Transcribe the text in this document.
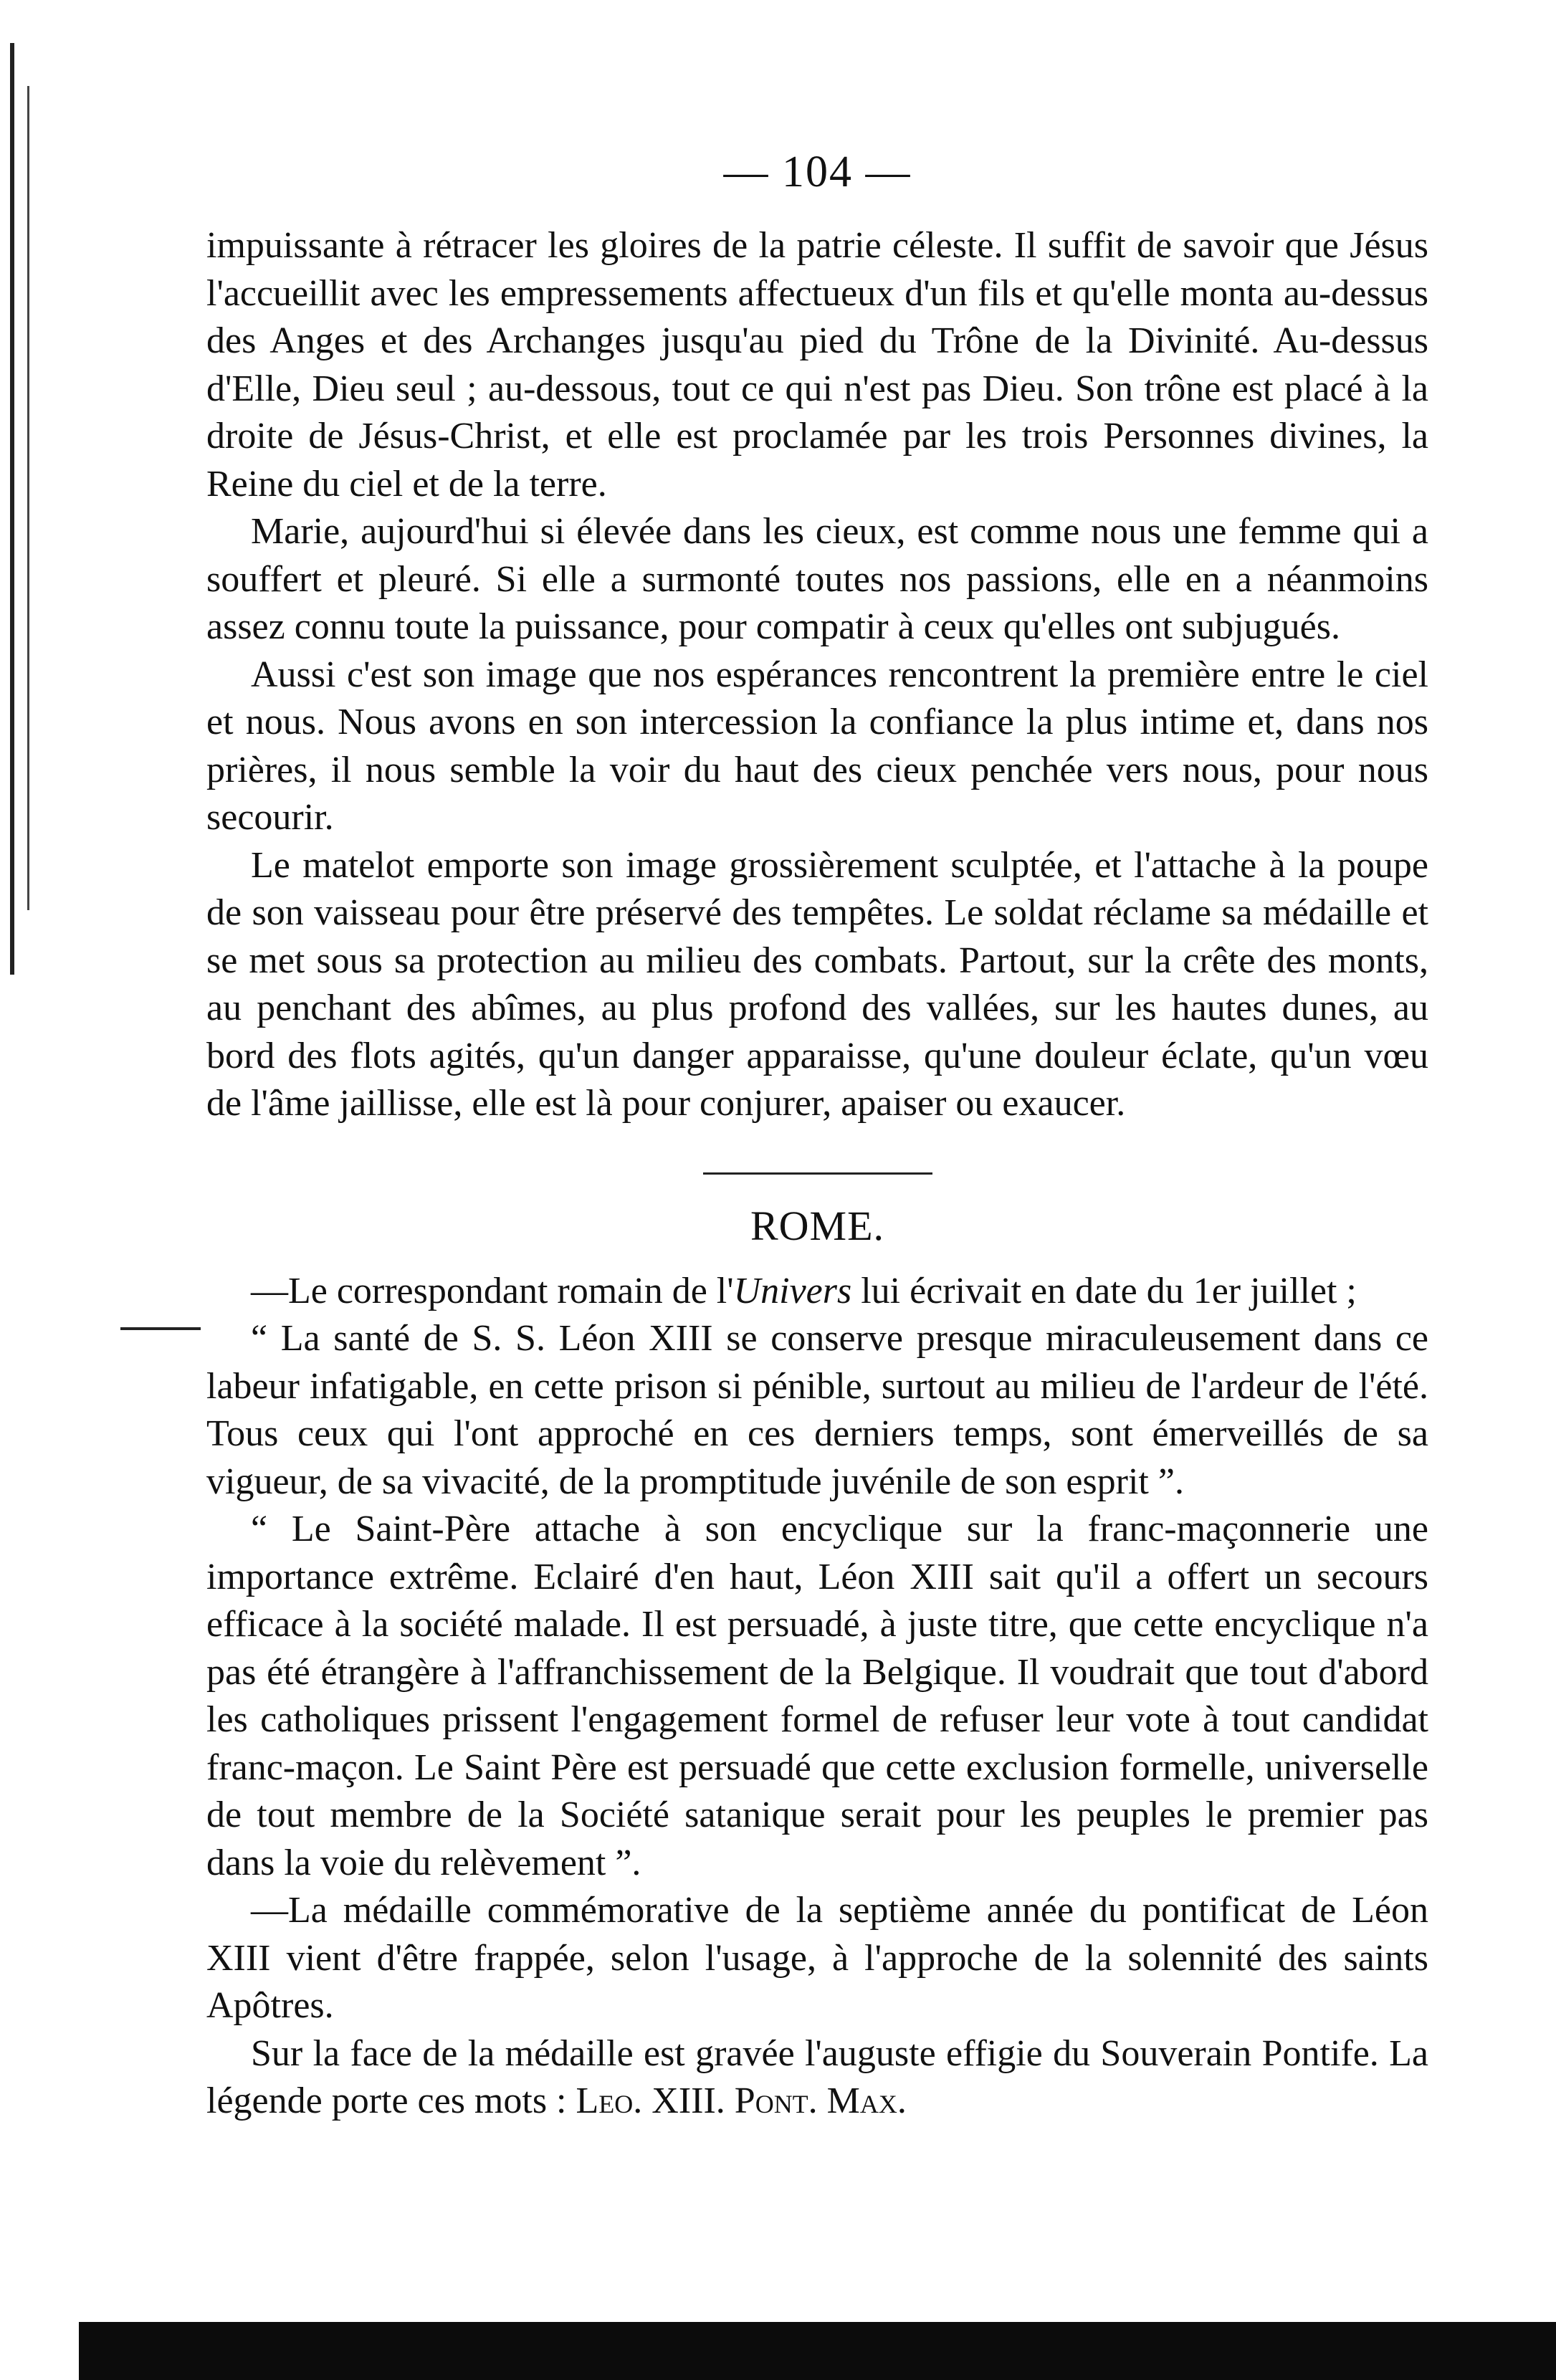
— 104 —

impuissante à rétracer les gloires de la patrie céleste. Il suffit de savoir que Jésus l'accueillit avec les empressements affectueux d'un fils et qu'elle monta au-dessus des Anges et des Archanges jusqu'au pied du Trône de la Divinité. Au-dessus d'Elle, Dieu seul ; au-dessous, tout ce qui n'est pas Dieu. Son trône est placé à la droite de Jésus-Christ, et elle est proclamée par les trois Personnes divines, la Reine du ciel et de la terre.

Marie, aujourd'hui si élevée dans les cieux, est comme nous une femme qui a souffert et pleuré. Si elle a surmonté toutes nos passions, elle en a néanmoins assez connu toute la puissance, pour compatir à ceux qu'elles ont subjugués.

Aussi c'est son image que nos espérances rencontrent la première entre le ciel et nous. Nous avons en son intercession la confiance la plus intime et, dans nos prières, il nous semble la voir du haut des cieux penchée vers nous, pour nous secourir.

Le matelot emporte son image grossièrement sculptée, et l'attache à la poupe de son vaisseau pour être préservé des tempêtes. Le soldat réclame sa médaille et se met sous sa protection au milieu des combats. Partout, sur la crête des monts, au penchant des abîmes, au plus profond des vallées, sur les hautes dunes, au bord des flots agités, qu'un danger apparaisse, qu'une douleur éclate, qu'un vœu de l'âme jaillisse, elle est là pour conjurer, apaiser ou exaucer.

ROME.

—Le correspondant romain de l'Univers lui écrivait en date du 1er juillet ;

“ La santé de S. S. Léon XIII se conserve presque miraculeusement dans ce labeur infatigable, en cette prison si pénible, surtout au milieu de l'ardeur de l'été. Tous ceux qui l'ont approché en ces derniers temps, sont émerveillés de sa vigueur, de sa vivacité, de la promptitude juvénile de son esprit ”.

“ Le Saint-Père attache à son encyclique sur la franc-maçonnerie une importance extrême. Eclairé d'en haut, Léon XIII sait qu'il a offert un secours efficace à la société malade. Il est persuadé, à juste titre, que cette encyclique n'a pas été étrangère à l'affranchissement de la Belgique. Il voudrait que tout d'abord les catholiques prissent l'engagement formel de refuser leur vote à tout candidat franc-maçon. Le Saint Père est persuadé que cette exclusion formelle, universelle de tout membre de la Société satanique serait pour les peuples le premier pas dans la voie du relèvement ”.

—La médaille commémorative de la septième année du pontificat de Léon XIII vient d'être frappée, selon l'usage, à l'approche de la solennité des saints Apôtres.

Sur la face de la médaille est gravée l'auguste effigie du Souverain Pontife. La légende porte ces mots : Leo. XIII. Pont. Max.
